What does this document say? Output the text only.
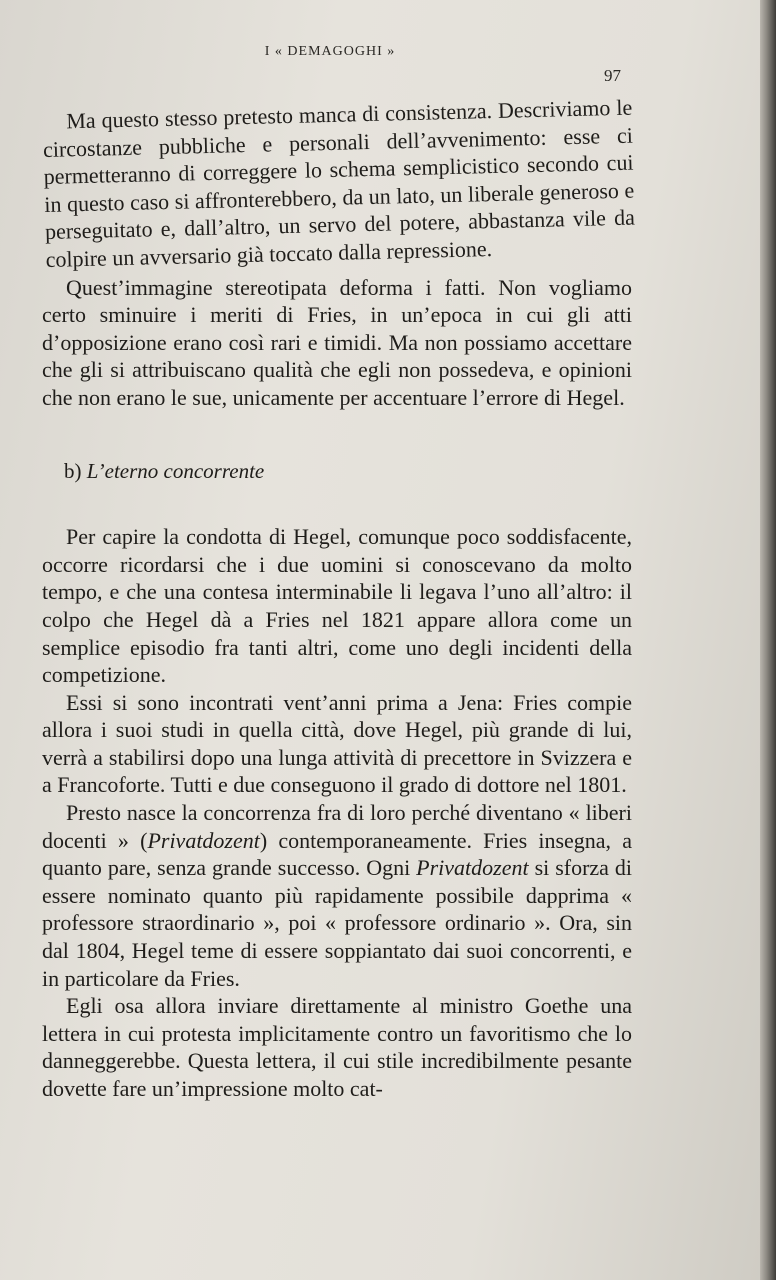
I « DEMAGOGHI »
97

Ma questo stesso pretesto manca di consistenza. Descriviamo le circostanze pubbliche e personali dell’avvenimento: esse ci permetteranno di correggere lo schema semplicistico secondo cui in questo caso si affronterebbero, da un lato, un liberale generoso e perseguitato e, dall’altro, un servo del potere, abbastanza vile da colpire un avversario già toccato dalla repressione.

Quest’immagine stereotipata deforma i fatti. Non vogliamo certo sminuire i meriti di Fries, in un’epoca in cui gli atti d’opposizione erano così rari e timidi. Ma non possiamo accettare che gli si attribuiscano qualità che egli non possedeva, e opinioni che non erano le sue, unicamente per accentuare l’errore di Hegel.

b) L’eterno concorrente

Per capire la condotta di Hegel, comunque poco soddisfacente, occorre ricordarsi che i due uomini si conoscevano da molto tempo, e che una contesa interminabile li legava l’uno all’altro: il colpo che Hegel dà a Fries nel 1821 appare allora come un semplice episodio fra tanti altri, come uno degli incidenti della competizione.

Essi si sono incontrati vent’anni prima a Jena: Fries compie allora i suoi studi in quella città, dove Hegel, più grande di lui, verrà a stabilirsi dopo una lunga attività di precettore in Svizzera e a Francoforte. Tutti e due conseguono il grado di dottore nel 1801.

Presto nasce la concorrenza fra di loro perché diventano « liberi docenti » (Privatdozent) contemporaneamente. Fries insegna, a quanto pare, senza grande successo. Ogni Privatdozent si sforza di essere nominato quanto più rapidamente possibile dapprima « professore straordinario », poi « professore ordinario ». Ora, sin dal 1804, Hegel teme di essere soppiantato dai suoi concorrenti, e in particolare da Fries.

Egli osa allora inviare direttamente al ministro Goethe una lettera in cui protesta implicitamente contro un favoritismo che lo danneggerebbe. Questa lettera, il cui stile incredibilmente pesante dovette fare un’impressione molto cat-
